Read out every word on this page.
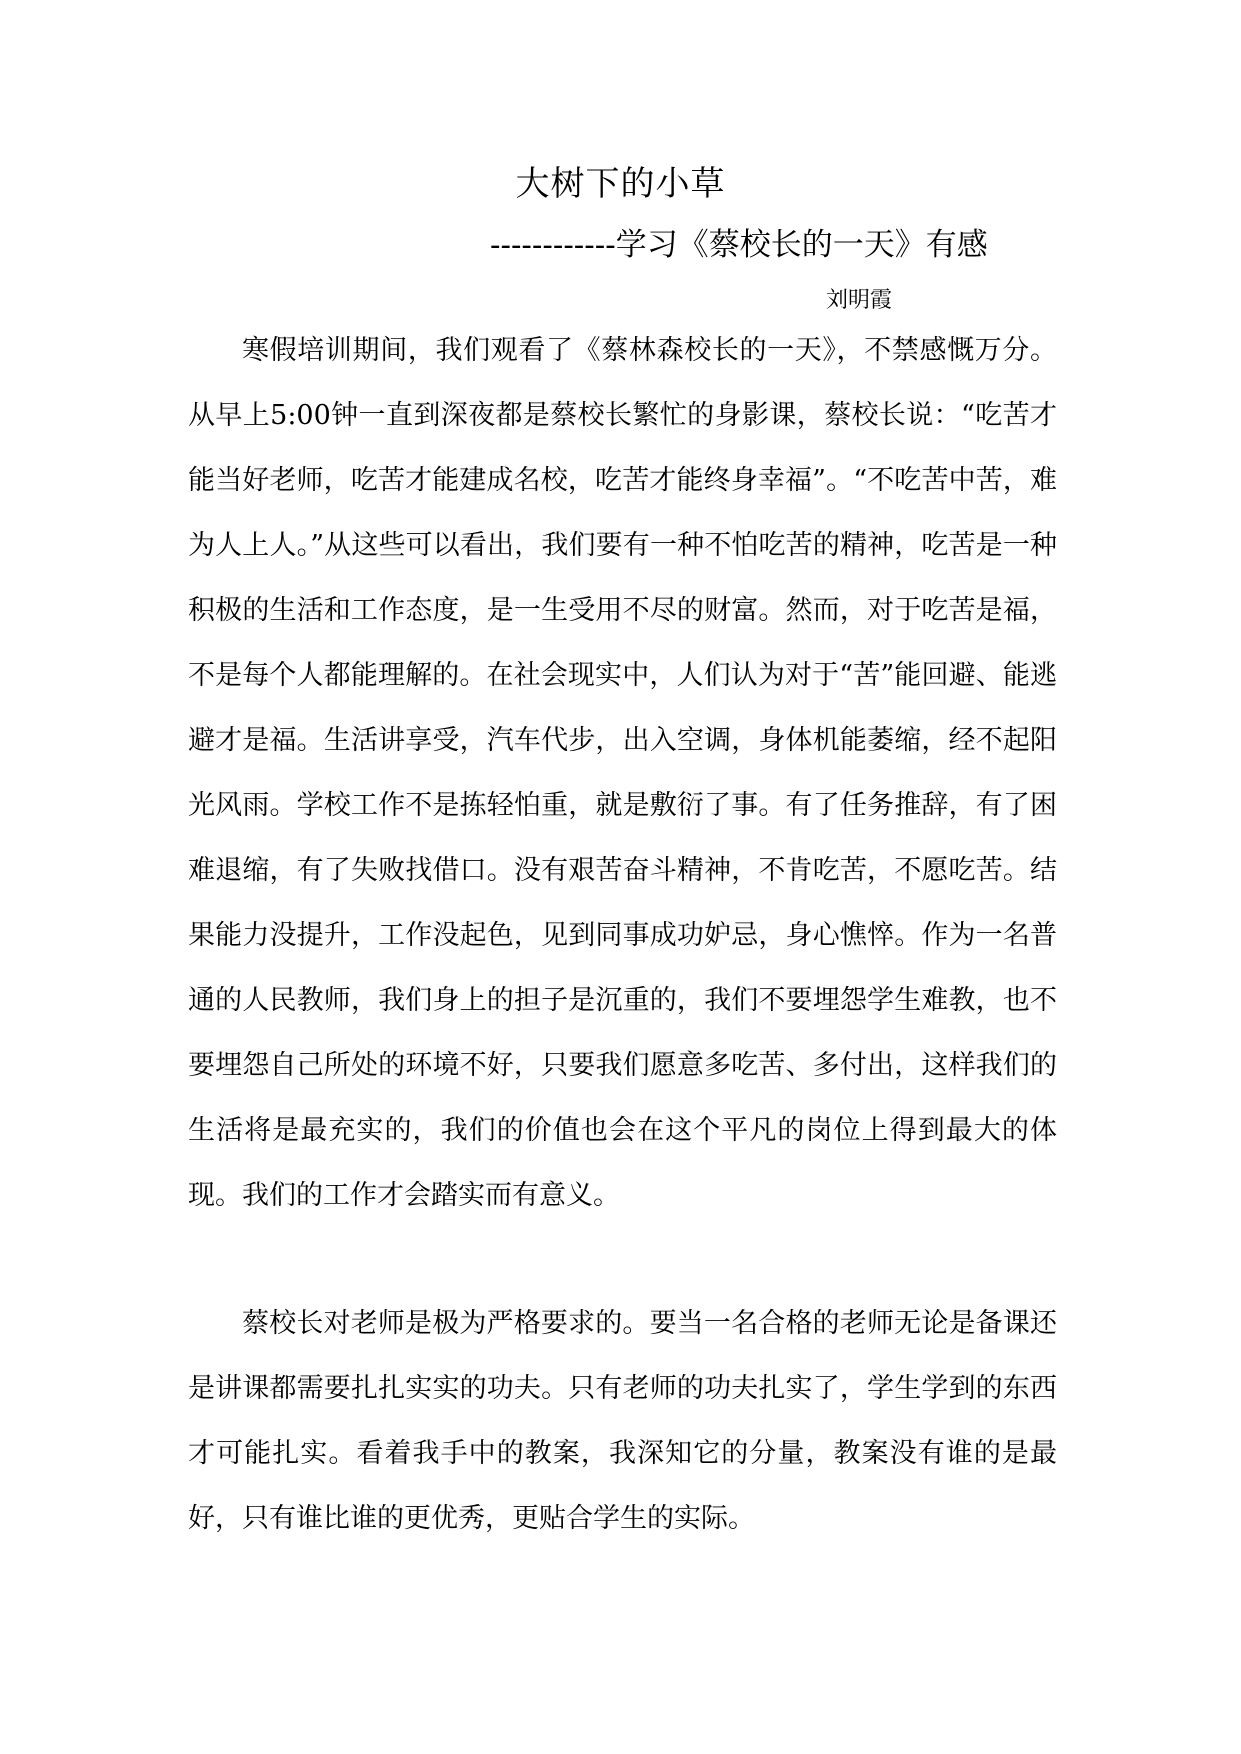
大树下的小草
------------学习《蔡校长的一天》有感
刘明霞

寒假培训期间，我们观看了《蔡林森校长的一天》，不禁感慨万分。 从早上5:00钟一直到深夜都是蔡校长繁忙的身影课，蔡校长说：“吃苦才能当好老师，吃苦才能建成名校，吃苦才能终身幸福”。“不吃苦中苦，难为人上人。”从这些可以看出，我们要有一种不怕吃苦的精神，吃苦是一种积极的生活和工作态度，是一生受用不尽的财富。然而，对于吃苦是福，不是每个人都能理解的。在社会现实中，人们认为对于“苦”能回避、能逃避才是福。生活讲享受，汽车代步，出入空调，身体机能萎缩，经不起阳光风雨。学校工作不是拣轻怕重，就是敷衍了事。有了任务推辞，有了困难退缩，有了失败找借口。没有艰苦奋斗精神，不肯吃苦，不愿吃苦。结果能力没提升，工作没起色，见到同事成功妒忌，身心憔悴。作为一名普通的人民教师，我们身上的担子是沉重的，我们不要埋怨学生难教，也不要埋怨自己所处的环境不好，只要我们愿意多吃苦、多付出，这样我们的生活将是最充实的，我们的价值也会在这个平凡的岗位上得到最大的体现。我们的工作才会踏实而有意义。

蔡校长对老师是极为严格要求的。要当一名合格的老师无论是备课还是讲课都需要扎扎实实的功夫。只有老师的功夫扎实了，学生学到的东西才可能扎实。看着我手中的教案，我深知它的分量，教案没有谁的是最好，只有谁比谁的更优秀，更贴合学生的实际。
